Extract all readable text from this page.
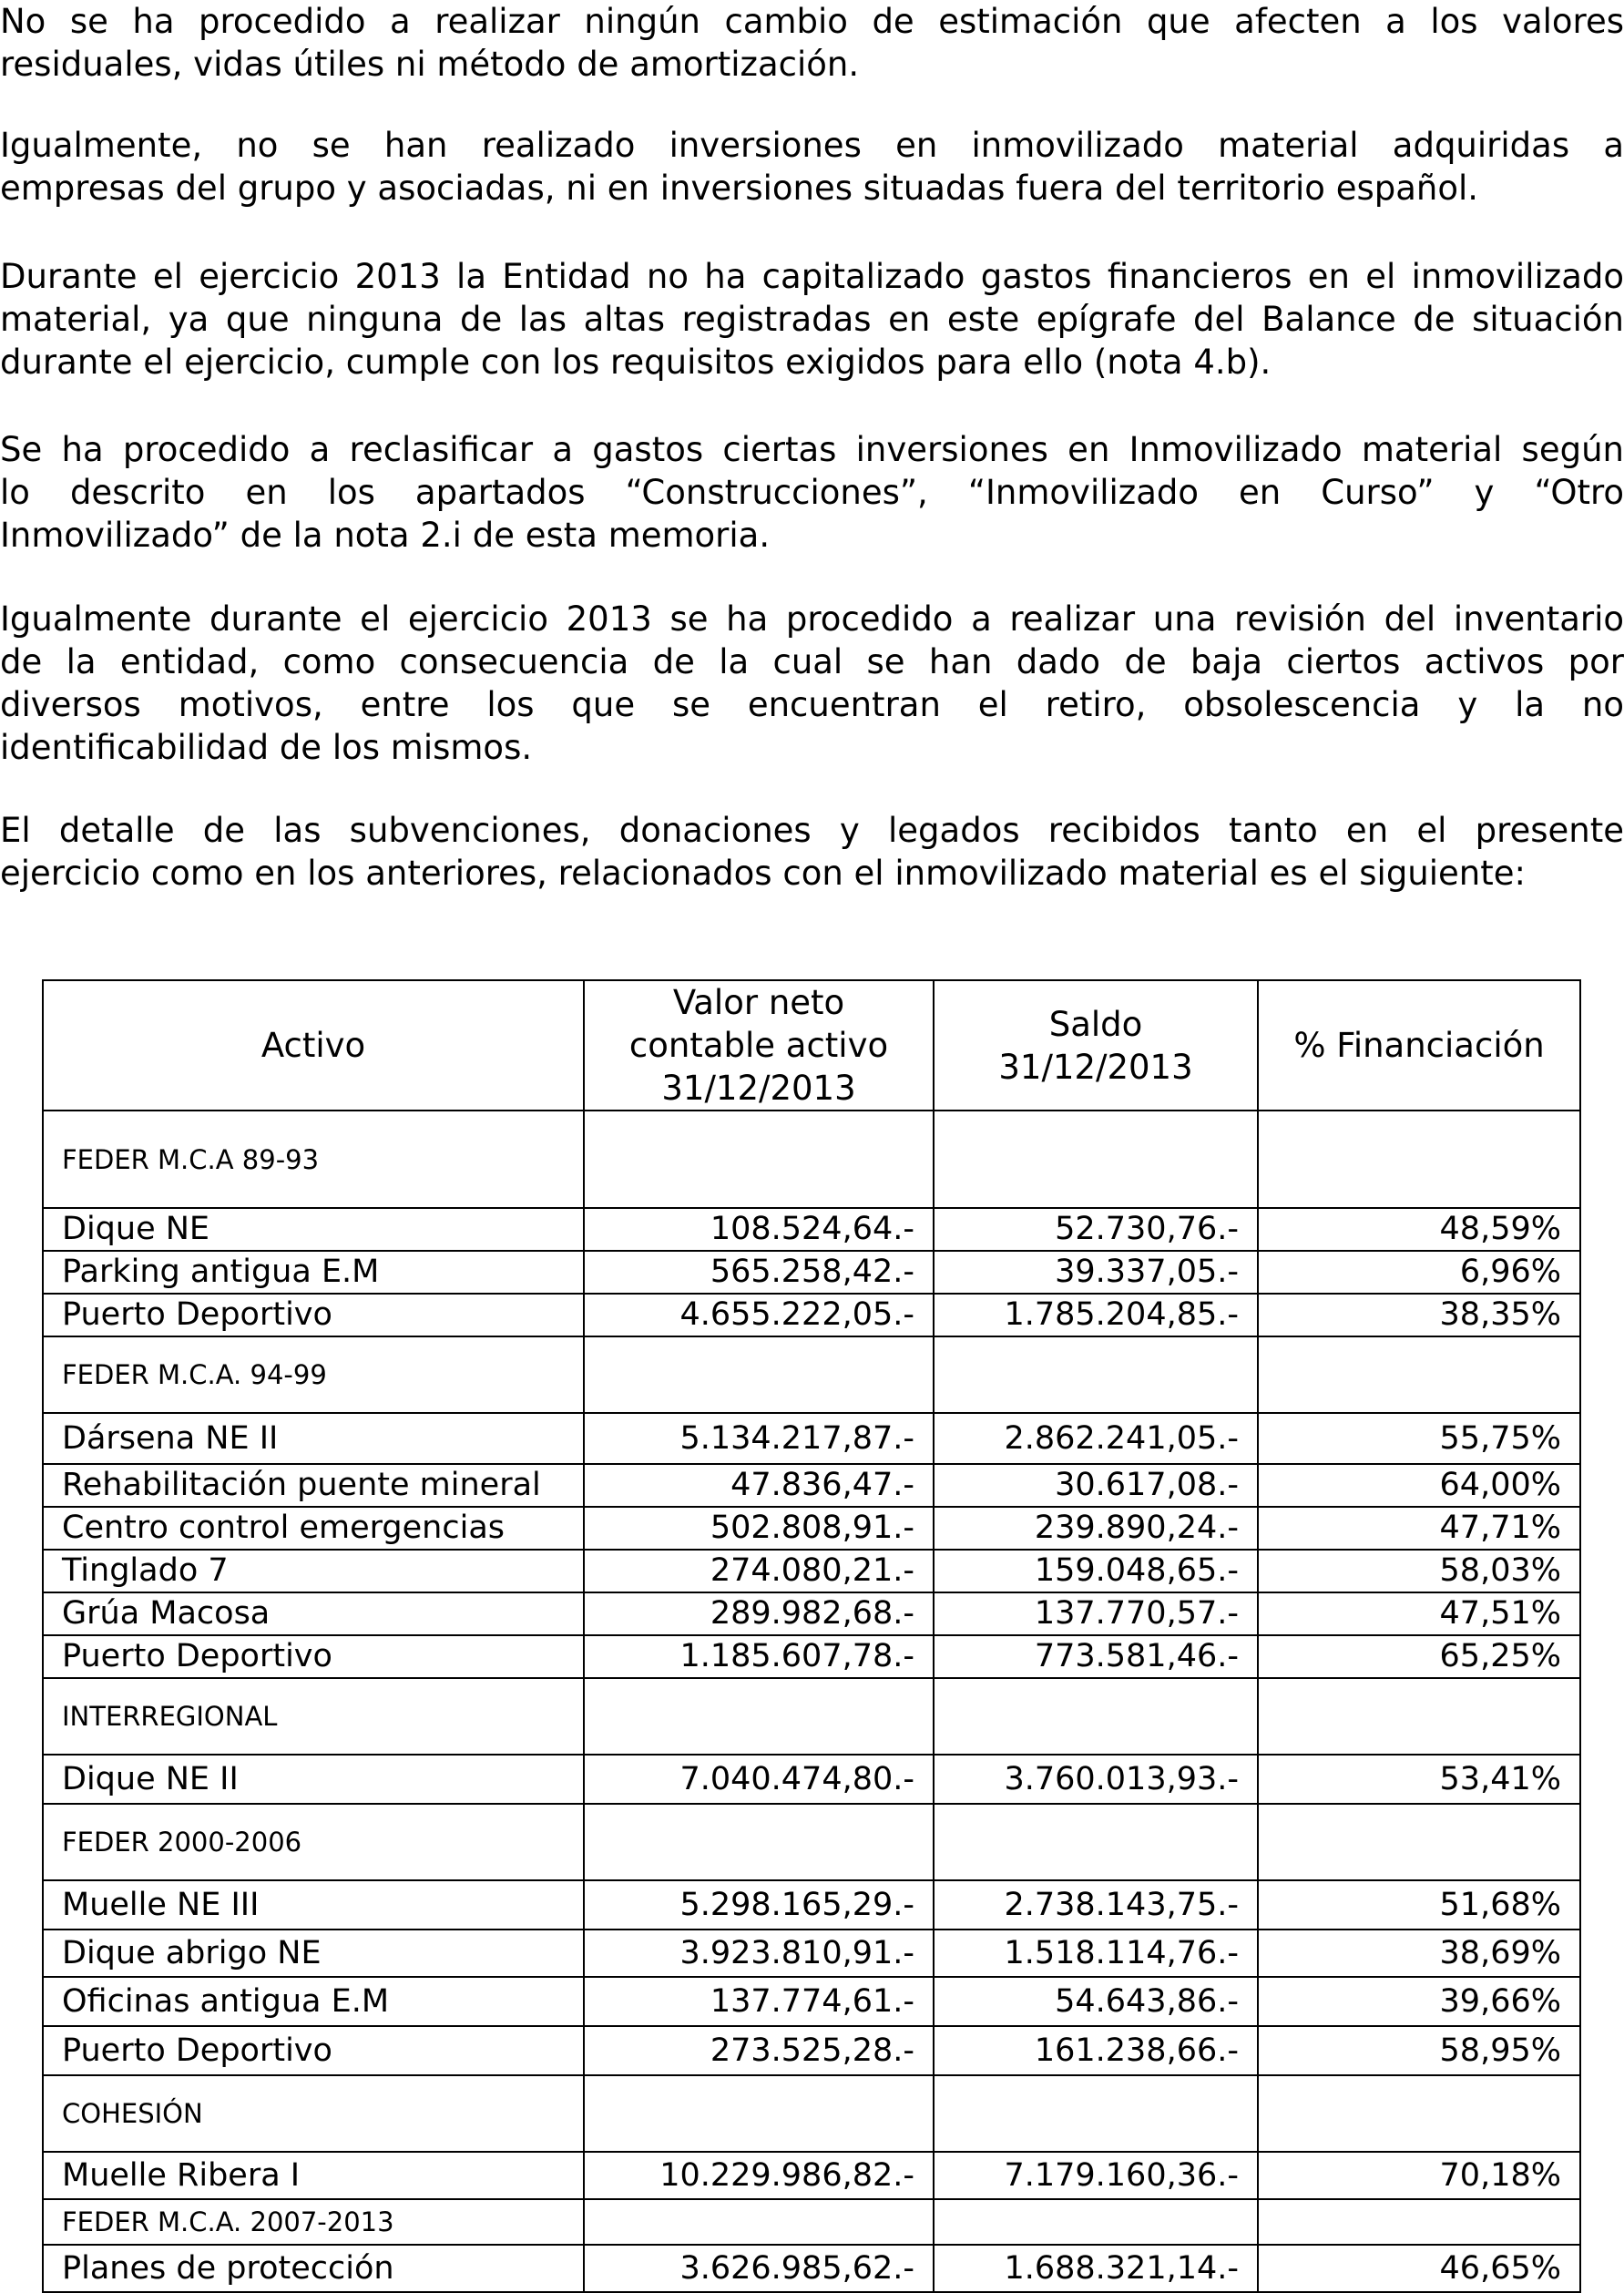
No se ha procedido a realizar ningún cambio de estimación que afecten a los valores
residuales, vidas útiles ni método de amortización.
Igualmente, no se han realizado inversiones en inmovilizado material adquiridas a
empresas del grupo y asociadas, ni en inversiones situadas fuera del territorio español.
Durante el ejercicio 2013 la Entidad no ha capitalizado gastos financieros en el inmovilizado
material, ya que ninguna de las altas registradas en este epígrafe del Balance de situación
durante el ejercicio, cumple con los requisitos exigidos para ello (nota 4.b).
Se ha procedido a reclasificar a gastos ciertas inversiones en Inmovilizado material según
lo descrito en los apartados “Construcciones”, “Inmovilizado en Curso” y “Otro
Inmovilizado” de la nota 2.i de esta memoria.
Igualmente durante el ejercicio 2013 se ha procedido a realizar una revisión del inventario
de la entidad, como consecuencia de la cual se han dado de baja ciertos activos por
diversos motivos, entre los que se encuentran el retiro, obsolescencia y la no
identificabilidad de los mismos.
El detalle de las subvenciones, donaciones y legados recibidos tanto en el presente
ejercicio como en los anteriores, relacionados con el inmovilizado material es el siguiente:
Activo	Valor neto contable activo 31/12/2013	Saldo 31/12/2013	% Financiación
FEDER M.C.A 89-93			
Dique NE	108.524,64.-	52.730,76.-	48,59%
Parking antigua E.M	565.258,42.-	39.337,05.-	6,96%
Puerto Deportivo	4.655.222,05.-	1.785.204,85.-	38,35%
FEDER M.C.A. 94-99			
Dársena NE II	5.134.217,87.-	2.862.241,05.-	55,75%
Rehabilitación puente mineral	47.836,47.-	30.617,08.-	64,00%
Centro control emergencias	502.808,91.-	239.890,24.-	47,71%
Tinglado 7	274.080,21.-	159.048,65.-	58,03%
Grúa Macosa	289.982,68.-	137.770,57.-	47,51%
Puerto Deportivo	1.185.607,78.-	773.581,46.-	65,25%
INTERREGIONAL			
Dique NE II	7.040.474,80.-	3.760.013,93.-	53,41%
FEDER 2000-2006			
Muelle NE III	5.298.165,29.-	2.738.143,75.-	51,68%
Dique abrigo NE	3.923.810,91.-	1.518.114,76.-	38,69%
Oficinas antigua E.M	137.774,61.-	54.643,86.-	39,66%
Puerto Deportivo	273.525,28.-	161.238,66.-	58,95%
COHESIÓN			
Muelle Ribera I	10.229.986,82.-	7.179.160,36.-	70,18%
FEDER M.C.A. 2007-2013			
Planes de protección	3.626.985,62.-	1.688.321,14.-	46,65%
